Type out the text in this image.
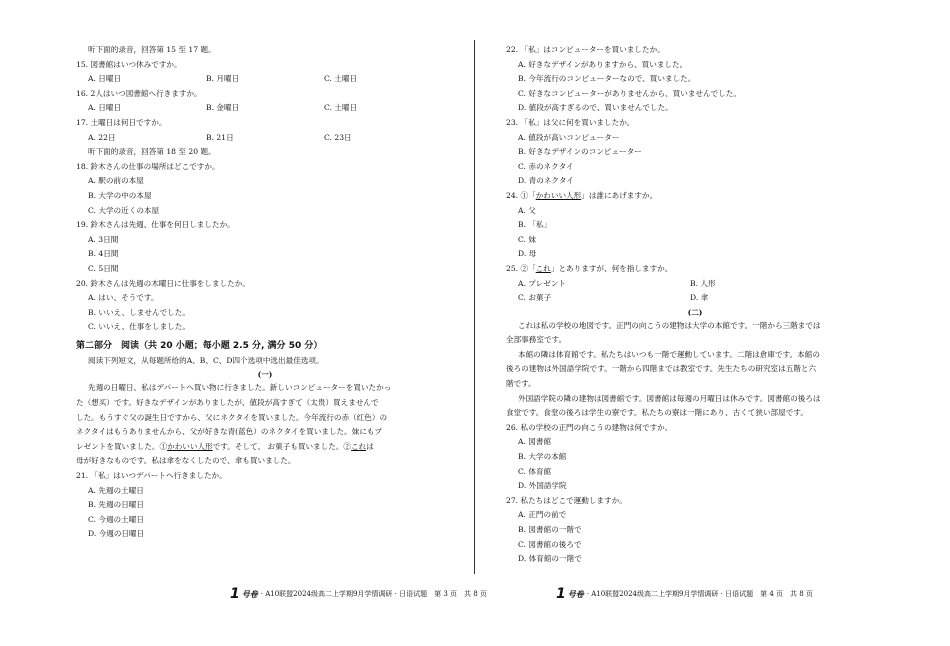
听下面的录音，回答第 15 至 17 题。
15. 図書館はいつ休みですか。
A. 日曜日	B. 月曜日	C. 土曜日
16. 2人はいつ図書館へ行きますか。
A. 日曜日	B. 金曜日	C. 土曜日
17. 土曜日は何日ですか。
A. 22日	B. 21日	C. 23日
听下面的录音，回答第 18 至 20 题。
18. 鈴木さんの仕事の場所はどこですか。
A. 駅の前の本屋
B. 大学の中の本屋
C. 大学の近くの本屋
19. 鈴木さんは先週、仕事を何日しましたか。
A. 3日間
B. 4日間
C. 5日間
20. 鈴木さんは先週の木曜日に仕事をしましたか。
A. はい、そうです。
B. いいえ、しませんでした。
C. いいえ、仕事をしました。
第二部分　阅读（共 20 小题；每小题 2.5 分, 满分 50 分）
阅读下列短文，从每题所给的A、B、C、D四个选项中选出最佳选项。
(一)
先週の日曜日、私はデパートへ買い物に行きました。新しいコンピューターを買いたかっ
た（想买）です。好きなデザインがありましたが、値段が高すぎて（太贵）買えませんで
した。もうすぐ父の誕生日ですから、父にネクタイを買いました。今年流行の赤（红色）の
ネクタイはもうありませんから、父が好きな青(蓝色）のネクタイを買いました。妹にもプ
レゼントを買いました。①かわいい人形です。そして、 お菓子も買いました。②これは
母が好きなものです。私は傘をなくしたので、傘も買いました。
21. 「私」はいつデパートへ行きましたか。
A. 先週の土曜日
B. 先週の日曜日
C. 今週の土曜日
D. 今週の日曜日
22. 「私」はコンピューターを買いましたか。
A. 好きなデザインがありますから、買いました。
B. 今年流行のコンピューターなので、買いました。
C. 好きなコンピューターがありませんから、買いませんでした。
D. 値段が高すぎるので、買いませんでした。
23. 「私」は父に何を買いましたか。
A. 値段が高いコンピューター
B. 好きなデザインのコンピューター
C. 赤のネクタイ
D. 青のネクタイ
24. ①「かわいい人形」は誰にあげますか。
A. 父
B. 「私」
C. 妹
D. 母
25. ②「これ」とありますが、何を指しますか。
A. プレゼント	B. 人形
C. お菓子	D. 傘
(二)
これは私の学校の地図です。正門の向こうの建物は大学の本館です。一階から三階までは
全部事務室です。
本館の隣は体育館です。私たちはいつも一階で運動しています。二階は倉庫です。本館の
後ろの建物は外国語学院です。一階から四階までは教室です。先生たちの研究室は五階と六
階です。
外国語学院の隣の建物は図書館です。図書館は毎週の月曜日は休みです。図書館の後ろは
食堂です。食堂の後ろは学生の寮です。私たちの寮は一階にあり、古くて狭い部屋です。
26. 私の学校の正門の向こうの建物は何ですか。
A. 図書館
B. 大学の本館
C. 体育館
D. 外国語学院
27. 私たちはどこで運動しますか。
A. 正門の前で
B. 図書館の一階で
C. 図書館の後ろで
D. 体育館の一階で
1 号卷 · A10联盟2024级高二上学期9月学情调研 · 日语试题　第 3 页　共 8 页	1 号卷 · A10联盟2024级高二上学期9月学情调研 · 日语试题　第 4 页　共 8 页
